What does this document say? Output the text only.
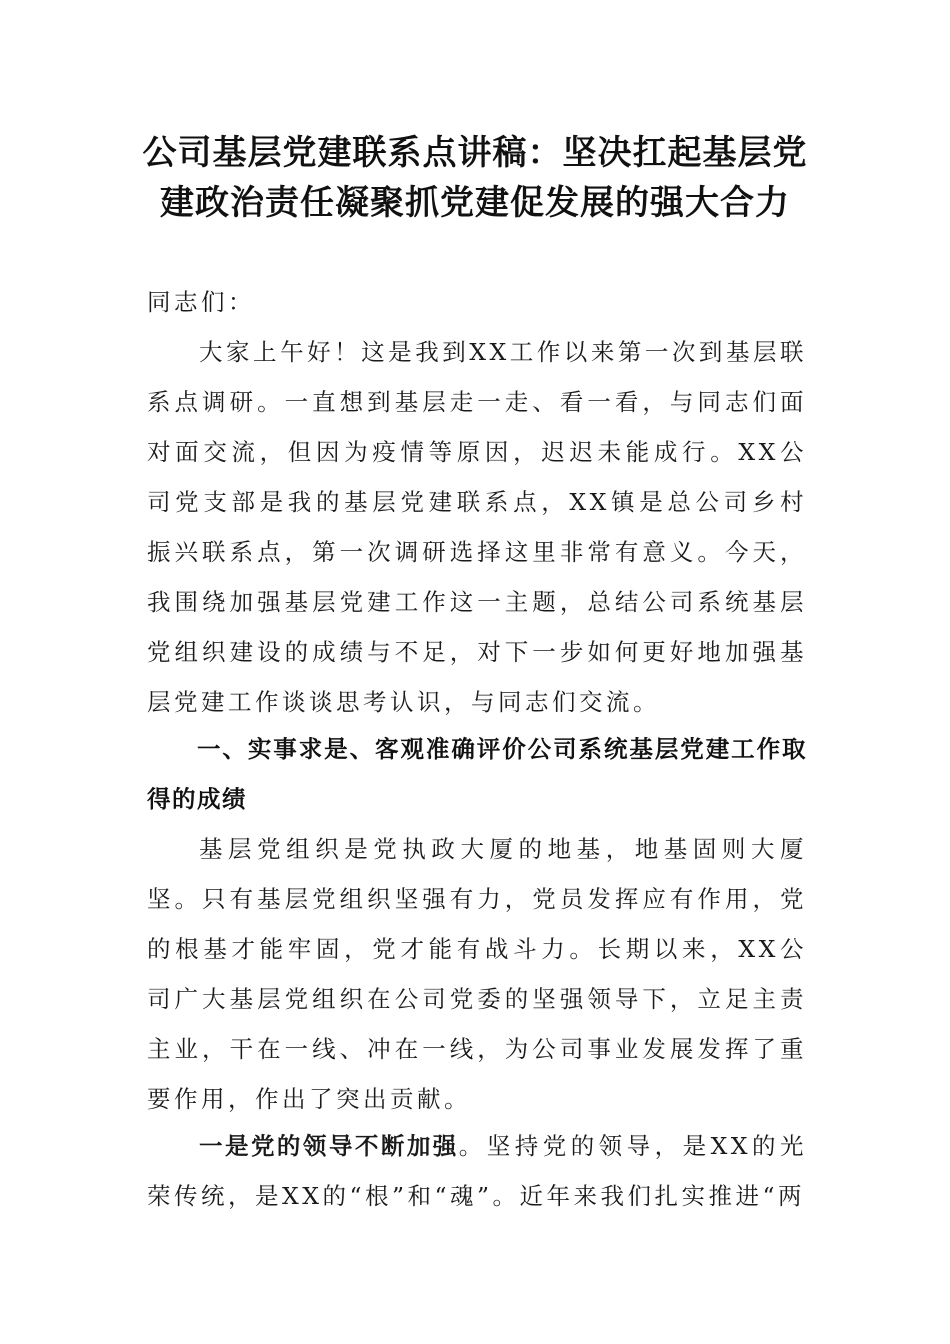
公司基层党建联系点讲稿：坚决扛起基层党建政治责任凝聚抓党建促发展的强大合力

同志们：

大家上午好！这是我到XX工作以来第一次到基层联系点调研。一直想到基层走一走、看一看，与同志们面对面交流，但因为疫情等原因，迟迟未能成行。XX公司党支部是我的基层党建联系点，XX镇是总公司乡村振兴联系点，第一次调研选择这里非常有意义。今天，我围绕加强基层党建工作这一主题，总结公司系统基层党组织建设的成绩与不足，对下一步如何更好地加强基层党建工作谈谈思考认识，与同志们交流。

一、实事求是、客观准确评价公司系统基层党建工作取得的成绩

基层党组织是党执政大厦的地基，地基固则大厦坚。只有基层党组织坚强有力，党员发挥应有作用，党的根基才能牢固，党才能有战斗力。长期以来，XX公司广大基层党组织在公司党委的坚强领导下，立足主责主业，干在一线、冲在一线，为公司事业发展发挥了重要作用，作出了突出贡献。

一是党的领导不断加强。坚持党的领导，是XX的光荣传统，是XX的“根”和“魂”。近年来我们扎实推进“两
